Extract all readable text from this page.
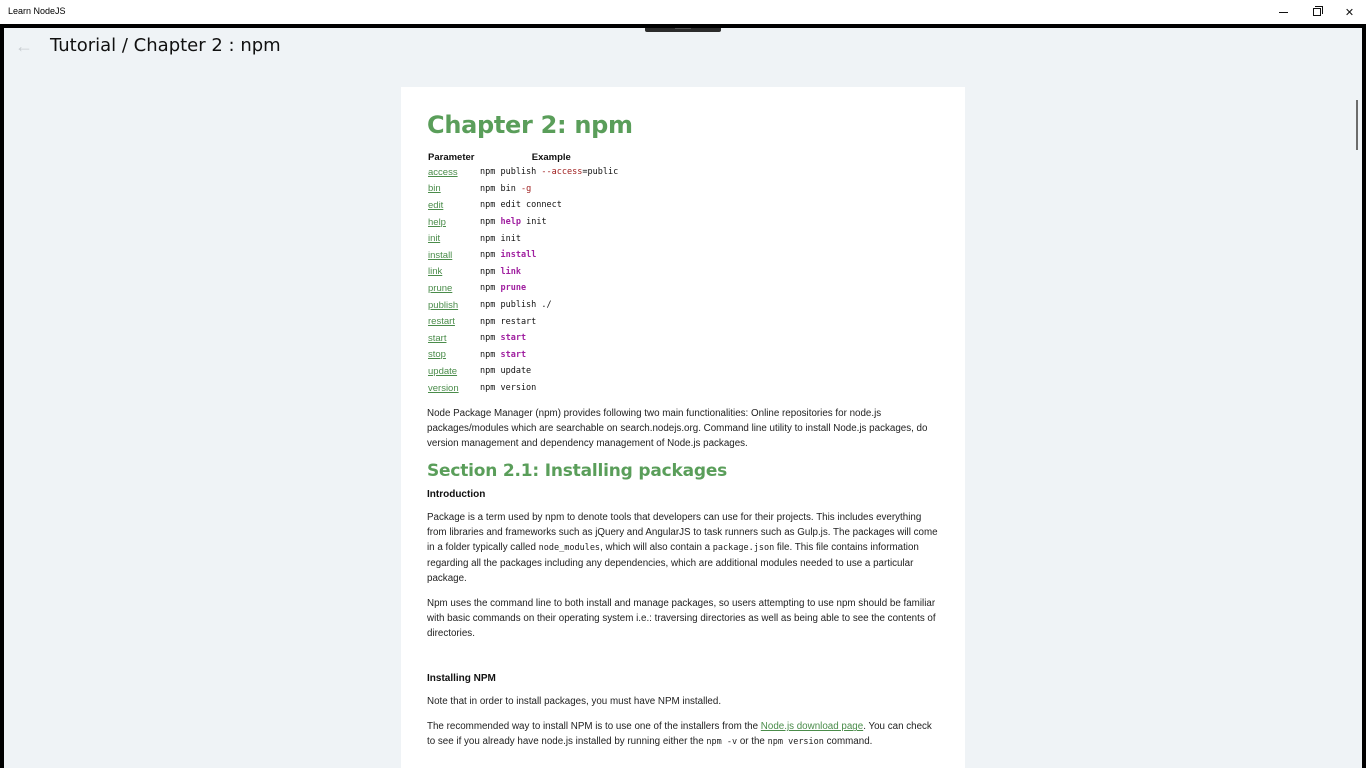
Learn NodeJS	✕
← Tutorial / Chapter 2 : npm
Chapter 2: npm
Parameter Example	
access	npm publish --access=public
bin	npm bin -g
edit	npm edit connect
help	npm help init
init	npm init
install	npm install
link	npm link
prune	npm prune
publish	npm publish ./
restart	npm restart
start	npm start
stop	npm start
update	npm update
version	npm version

Node Package Manager (npm) provides following two main functionalities: Online repositories for node.js packages/modules which are searchable on search.nodejs.org. Command line utility to install Node.js packages, do version management and dependency management of Node.js packages.

Section 2.1: Installing packages
Introduction

Package is a term used by npm to denote tools that developers can use for their projects. This includes everything from libraries and frameworks such as jQuery and AngularJS to task runners such as Gulp.js. The packages will come in a folder typically called node_modules, which will also contain a package.json file. This file contains information regarding all the packages including any dependencies, which are additional modules needed to use a particular package.

Npm uses the command line to both install and manage packages, so users attempting to use npm should be familiar with basic commands on their operating system i.e.: traversing directories as well as being able to see the contents of directories.

Installing NPM

Note that in order to install packages, you must have NPM installed.

The recommended way to install NPM is to use one of the installers from the Node.js download page. You can check to see if you already have node.js installed by running either the npm -v or the npm version command.
